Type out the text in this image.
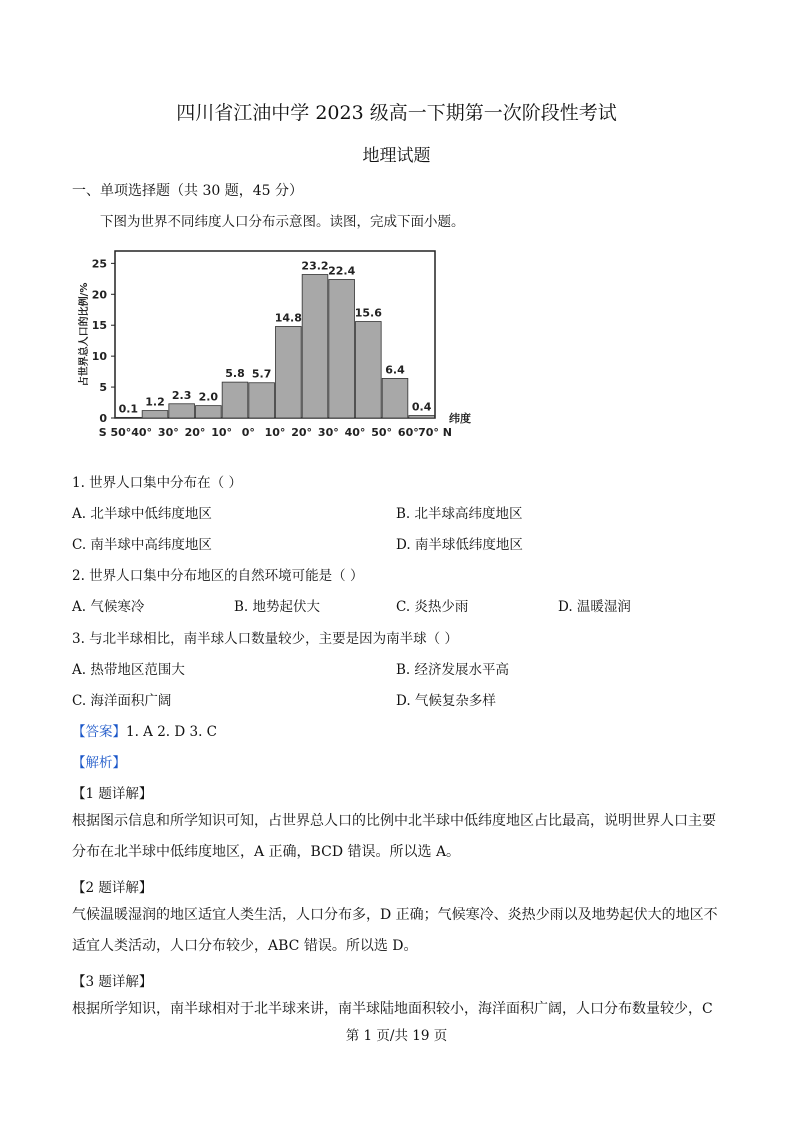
四川省江油中学 2023 级高一下期第一次阶段性考试
地理试题
一、单项选择题（共 30 题，45 分）
下图为世界不同纬度人口分布示意图。读图，完成下面小题。
0
5
10
15
20
25
0.1
1.2
2.3 2.0
5.8 5.7
14.8
23.2 22.4
15.6
6.4
0.4
S 50° 40° 30° 20° 10° 0° 10° 20° 30° 40° 50° 60° 70° N
纬度
占世界总人口的比例/%
1. 世界人口集中分布在（ ）
A. 北半球中低纬度地区	B. 北半球高纬度地区
C. 南半球中高纬度地区	D. 南半球低纬度地区
2. 世界人口集中分布地区的自然环境可能是（ ）
A. 气候寒冷	B. 地势起伏大	C. 炎热少雨	D. 温暖湿润
3. 与北半球相比，南半球人口数量较少，主要是因为南半球（ ）
A. 热带地区范围大	B. 经济发展水平高
C. 海洋面积广阔	D. 气候复杂多样
【答案】1. A 2. D 3. C
【解析】
【1 题详解】
根据图示信息和所学知识可知，占世界总人口的比例中北半球中低纬度地区占比最高，说明世界人口主要分布在北半球中低纬度地区，A 正确，BCD 错误。所以选 A。
【2 题详解】
气候温暖湿润的地区适宜人类生活，人口分布多，D 正确；气候寒冷、炎热少雨以及地势起伏大的地区不适宜人类活动，人口分布较少，ABC 错误。所以选 D。
【3 题详解】
根据所学知识，南半球相对于北半球来讲，南半球陆地面积较小，海洋面积广阔，人口分布数量较少，C
第 1 页/共 19 页
